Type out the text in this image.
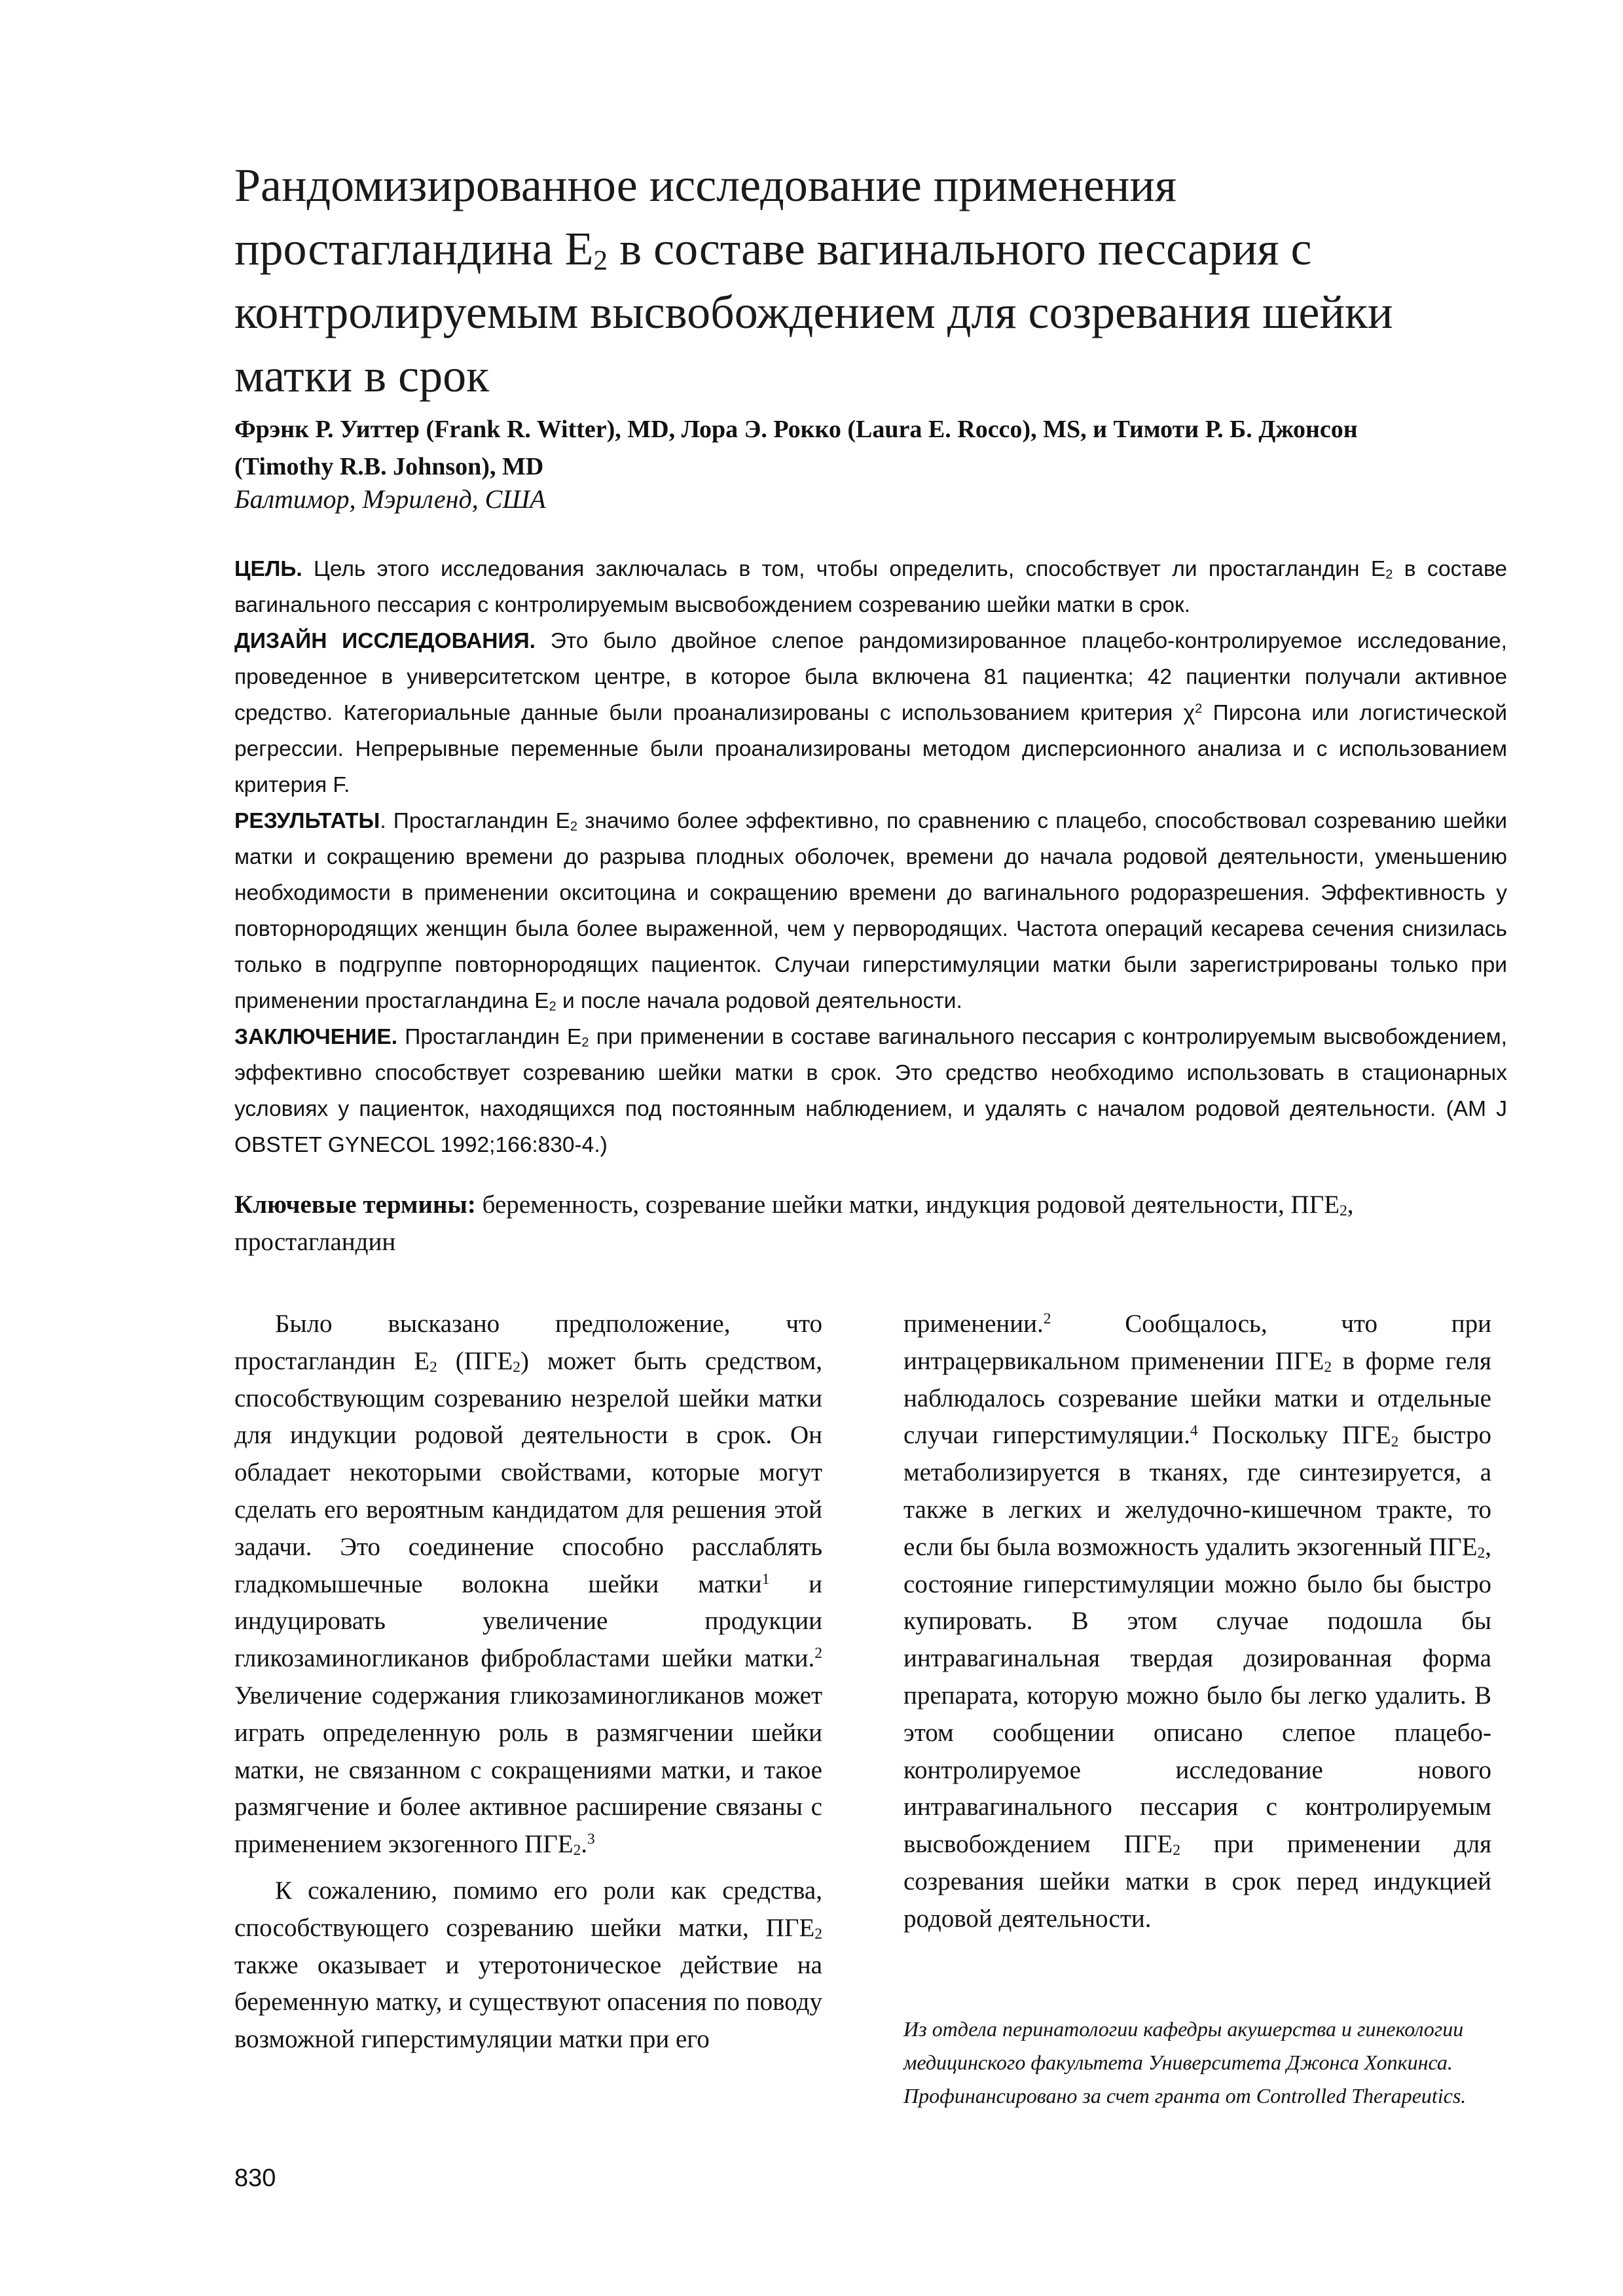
Рандомизированное исследование применения
простагландина $E_2$ в составе вагинального пессария с
контролируемым высвобождением для созревания шейки
матки в срок

Фрэнк Р. Уиттер (Frank R. Witter), MD, Лора Э. Рокко (Laura E. Rocco), MS, и Тимоти Р. Б. Джонсон
(Timothy R.B. Johnson), MD

Балтимор, Мэриленд, США

ЦЕЛЬ. Цель этого исследования заключалась в том, чтобы определить, способствует ли простагландин $E_2$ в составе вагинального пессария с контролируемым высвобождением созреванию шейки матки в срок.

ДИЗАЙН ИССЛЕДОВАНИЯ. Это было двойное слепое рандомизированное плацебо-контролируемое исследование, проведенное в университетском центре, в которое была включена 81 пациентка; 42 пациентки получали активное средство. Категориальные данные были проанализированы с использованием критерия $\chi^2$ Пирсона или логистической регрессии. Непрерывные переменные были проанализированы методом дисперсионного анализа и с использованием критерия F.

РЕЗУЛЬТАТЫ. Простагландин $E_2$ значимо более эффективно, по сравнению с плацебо, способствовал созреванию шейки матки и сокращению времени до разрыва плодных оболочек, времени до начала родовой деятельности, уменьшению необходимости в применении окситоцина и сокращению времени до вагинального родоразрешения. Эффективность у повторнородящих женщин была более выраженной, чем у первородящих. Частота операций кесарева сечения снизилась только в подгруппе повторнородящих пациенток. Случаи гиперстимуляции матки были зарегистрированы только при применении простагландина $E_2$ и после начала родовой деятельности.

ЗАКЛЮЧЕНИЕ. Простагландин $E_2$ при применении в составе вагинального пессария с контролируемым высвобождением, эффективно способствует созреванию шейки матки в срок. Это средство необходимо использовать в стационарных условиях у пациенток, находящихся под постоянным наблюдением, и удалять с началом родовой деятельности. (AM J OBSTET GYNECOL 1992;166:830-4.)

Ключевые термины: беременность, созревание шейки матки, индукция родовой деятельности, $ПГЕ_2$,
простагландин

Было высказано предположение, что простагландин $E_2$ $(ПГЕ_2)$ может быть средством, способствующим созреванию незрелой шейки матки для индукции родовой деятельности в срок. Он обладает некоторыми свойствами, которые могут сделать его вероятным кандидатом для решения этой задачи. Это соединение способно расслаблять гладкомышечные волокна шейки матки$^1$ и индуцировать увеличение продукции гликозаминогликанов фибробластами шейки матки.$^2$ Увеличение содержания гликозаминогликанов может играть определенную роль в размягчении шейки матки, не связанном с сокращениями матки, и такое размягчение и более активное расширение связаны с применением экзогенного $ПГЕ_2.^3$

К сожалению, помимо его роли как средства, способствующего созреванию шейки матки, $ПГЕ_2$ также оказывает и утеротоническое действие на беременную матку, и существуют опасения по поводу возможной гиперстимуляции матки при его

применении.$^2$ Сообщалось, что при интрацервикальном применении $ПГЕ_2$ в форме геля наблюдалось созревание шейки матки и отдельные случаи гиперстимуляции.$^4$ Поскольку $ПГЕ_2$ быстро метаболизируется в тканях, где синтезируется, а также в легких и желудочно-кишечном тракте, то если бы была возможность удалить экзогенный $ПГЕ_2$, состояние гиперстимуляции можно было бы быстро купировать. В этом случае подошла бы интравагинальная твердая дозированная форма препарата, которую можно было бы легко удалить. В этом сообщении описано слепое плацебо-контролируемое исследование нового интравагинального пессария с контролируемым высвобождением $ПГЕ_2$ при применении для созревания шейки матки в срок перед индукцией родовой деятельности.

Из отдела перинатологии кафедры акушерства и гинекологии
медицинского факультета Университета Джонса Хопкинса.
Профинансировано за счет гранта от Controlled Therapeutics.

830
